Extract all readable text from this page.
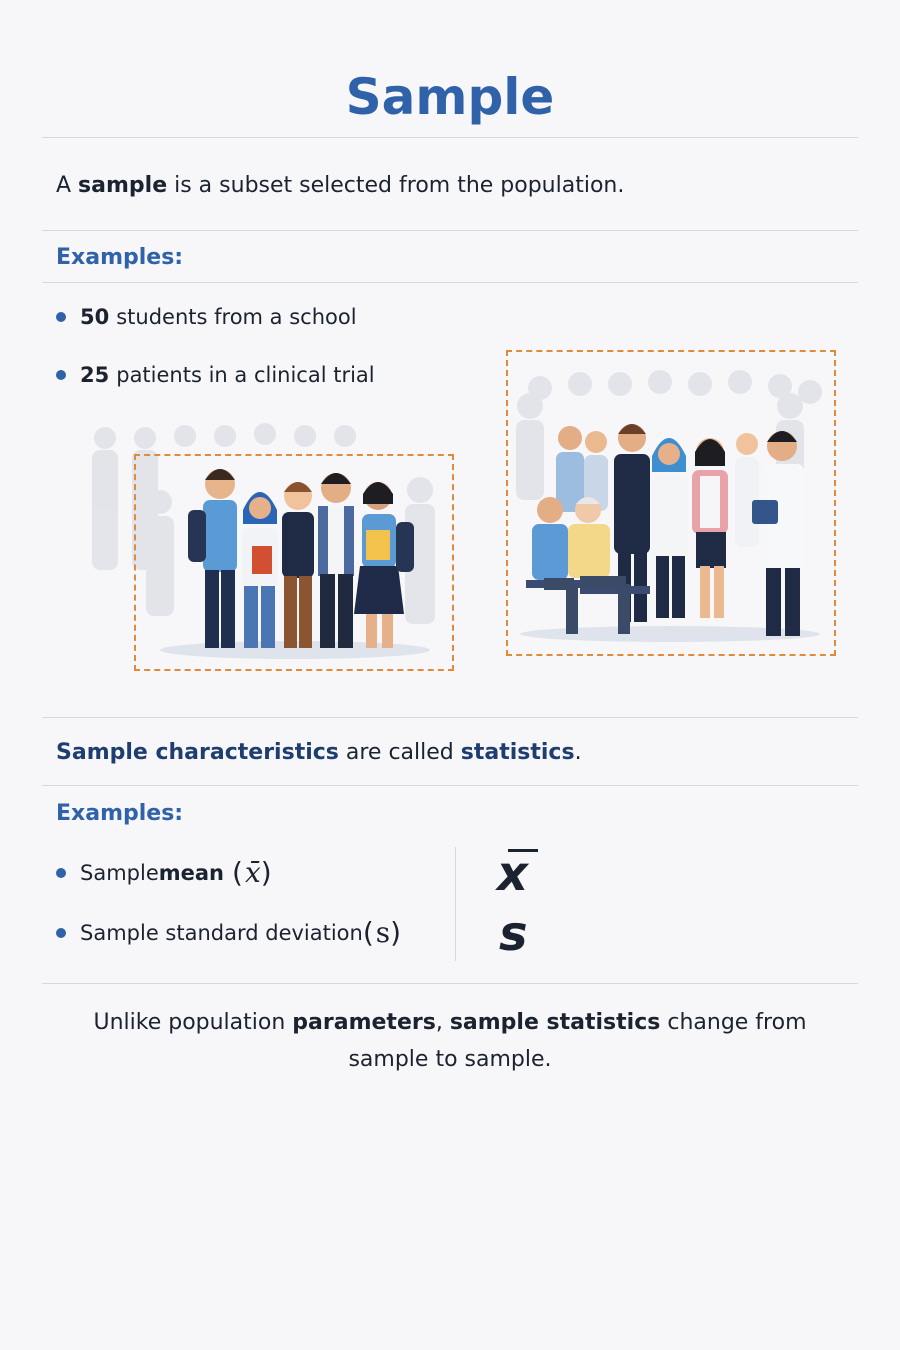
Sample
A sample is a subset selected from the population.
Examples:
50 students from a school
25 patients in a clinical trial
Sample characteristics are called statistics.
Examples:
Sample mean ( x̄ )
Sample standard deviation ( s )
x
s
Unlike population parameters, sample statistics change from sample to sample.
